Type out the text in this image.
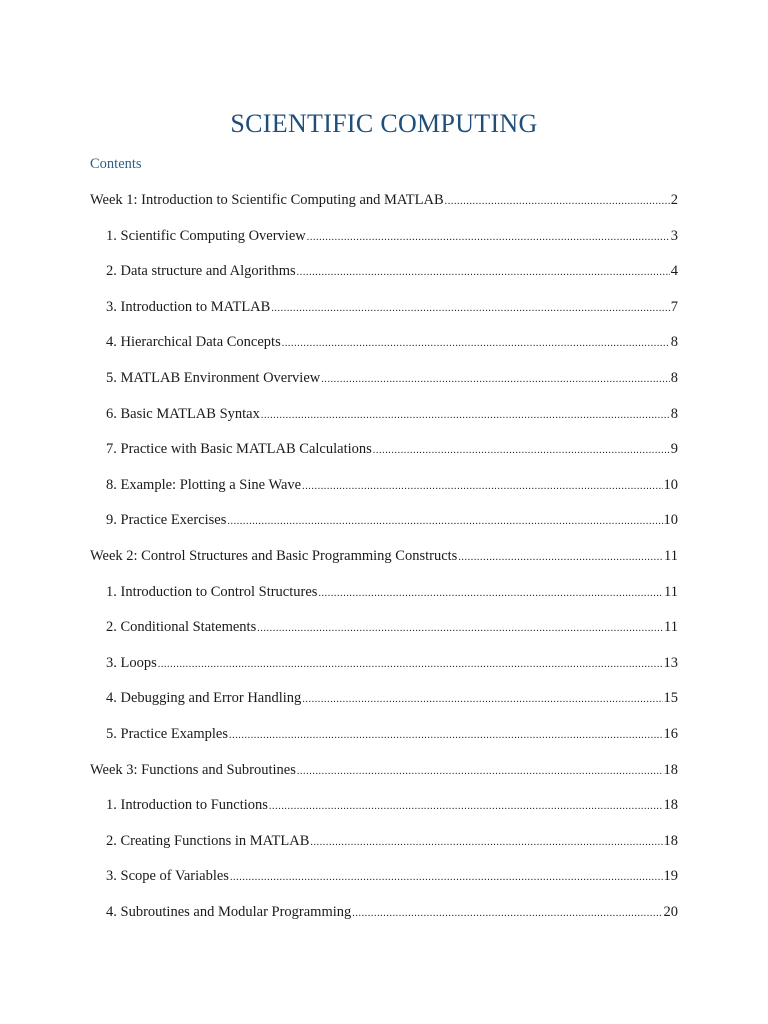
SCIENTIFIC COMPUTING
Contents
Week 1: Introduction to Scientific Computing and MATLAB .....	2
1. Scientific Computing Overview .....	3
2. Data structure and Algorithms .....	4
3. Introduction to MATLAB .....	7
4. Hierarchical Data Concepts .....	8
5. MATLAB Environment Overview .....	8
6. Basic MATLAB Syntax .....	8
7. Practice with Basic MATLAB Calculations .....	9
8. Example: Plotting a Sine Wave .....	10
9. Practice Exercises .....	10
Week 2: Control Structures and Basic Programming Constructs .....	11
1. Introduction to Control Structures .....	11
2. Conditional Statements .....	11
3. Loops .....	13
4. Debugging and Error Handling .....	15
5. Practice Examples .....	16
Week 3: Functions and Subroutines .....	18
1. Introduction to Functions .....	18
2. Creating Functions in MATLAB .....	18
3. Scope of Variables .....	19
4. Subroutines and Modular Programming .....	20
